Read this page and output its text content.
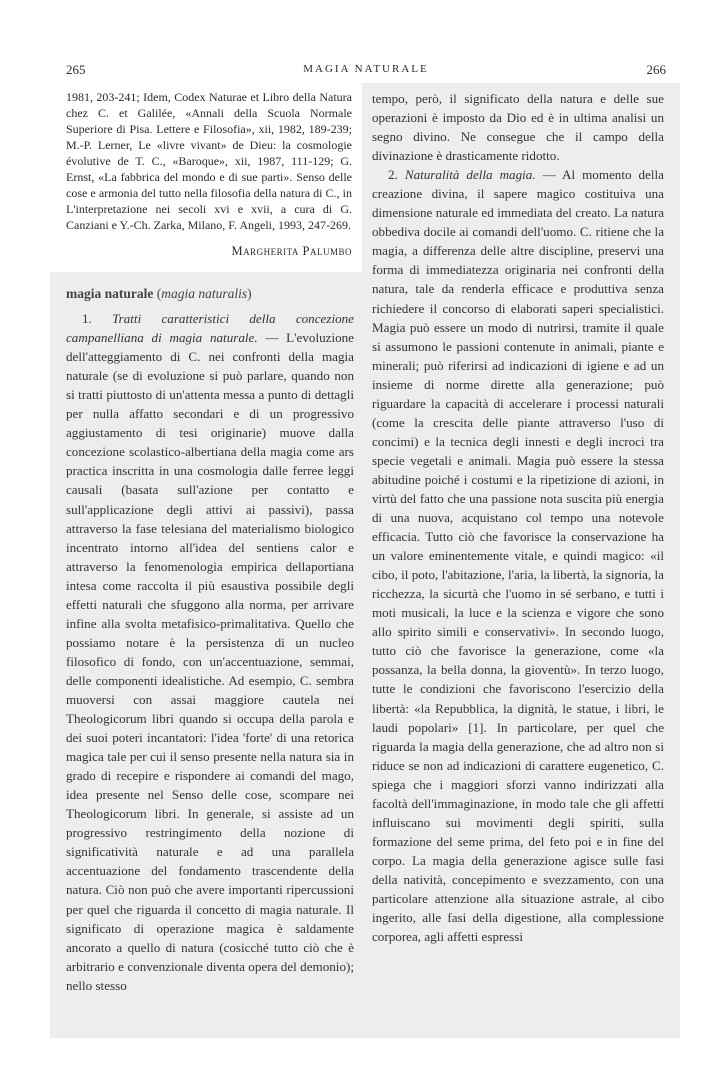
265	MAGIA NATURALE	266

1981, 203-241; Idem, Codex Naturae et Libro della Natura chez C. et Galilée, «Annali della Scuola Normale Superiore di Pisa. Lettere e Filosofia», xii, 1982, 189-239; M.-P. Lerner, Le «livre vivant» de Dieu: la cosmologie évolutive de T. C., «Baroque», xii, 1987, 111-129; G. Ernst, «La fabbrica del mondo e di sue parti». Senso delle cose e armonia del tutto nella filosofia della natura di C., in L'interpretazione nei secoli xvi e xvii, a cura di G. Canziani e Y.-Ch. Zarka, Milano, F. Angeli, 1993, 247-269.

Margherita Palumbo

magia naturale (magia naturalis)

1. Tratti caratteristici della concezione campanelliana di magia naturale. — L'evoluzione dell'atteggiamento di C. nei confronti della magia naturale (se di evoluzione si può parlare, quando non si tratti piuttosto di un'attenta messa a punto di dettagli per nulla affatto secondari e di un progressivo aggiustamento di tesi originarie) muove dalla concezione scolastico-albertiana della magia come ars practica inscritta in una cosmologia dalle ferree leggi causali (basata sull'azione per contatto e sull'applicazione degli attivi ai passivi), passa attraverso la fase telesiana del materialismo biologico incentrato intorno all'idea del sentiens calor e attraverso la fenomenologia empirica dellaportiana intesa come raccolta il più esaustiva possibile degli effetti naturali che sfuggono alla norma, per arrivare infine alla svolta metafisico-primalitativa. Quello che possiamo notare è la persistenza di un nucleo filosofico di fondo, con un'accentuazione, semmai, delle componenti idealistiche. Ad esempio, C. sembra muoversi con assai maggiore cautela nei Theologicorum libri quando si occupa della parola e dei suoi poteri incantatori: l'idea 'forte' di una retorica magica tale per cui il senso presente nella natura sia in grado di recepire e rispondere ai comandi del mago, idea presente nel Senso delle cose, scompare nei Theologicorum libri. In generale, si assiste ad un progressivo restringimento della nozione di significatività naturale e ad una parallela accentuazione del fondamento trascendente della natura. Ciò non può che avere importanti ripercussioni per quel che riguarda il concetto di magia naturale. Il significato di operazione magica è saldamente ancorato a quello di natura (cosicché tutto ciò che è arbitrario e convenzionale diventa opera del demonio); nello stesso

tempo, però, il significato della natura e delle sue operazioni è imposto da Dio ed è in ultima analisi un segno divino. Ne consegue che il campo della divinazione è drasticamente ridotto.

2. Naturalità della magia. — Al momento della creazione divina, il sapere magico costituiva una dimensione naturale ed immediata del creato. La natura obbediva docile ai comandi dell'uomo. C. ritiene che la magia, a differenza delle altre discipline, preservi una forma di immediatezza originaria nei confronti della natura, tale da renderla efficace e produttiva senza richiedere il concorso di elaborati saperi specialistici. Magia può essere un modo di nutrirsi, tramite il quale si assumono le passioni contenute in animali, piante e minerali; può riferirsi ad indicazioni di igiene e ad un insieme di norme dirette alla generazione; può riguardare la capacità di accelerare i processi naturali (come la crescita delle piante attraverso l'uso di concimi) e la tecnica degli innesti e degli incroci tra specie vegetali e animali. Magia può essere la stessa abitudine poiché i costumi e la ripetizione di azioni, in virtù del fatto che una passione nota suscita più energia di una nuova, acquistano col tempo una notevole efficacia. Tutto ciò che favorisce la conservazione ha un valore eminentemente vitale, e quindi magico: «il cibo, il poto, l'abitazione, l'aria, la libertà, la signoria, la ricchezza, la sicurtà che l'uomo in sé serbano, e tutti i moti musicali, la luce e la scienza e vigore che sono allo spirito simili e conservativi». In secondo luogo, tutto ciò che favorisce la generazione, come «la possanza, la bella donna, la gioventù». In terzo luogo, tutte le condizioni che favoriscono l'esercizio della libertà: «la Repubblica, la dignità, le statue, i libri, le laudi popolari» [1]. In particolare, per quel che riguarda la magia della generazione, che ad altro non si riduce se non ad indicazioni di carattere eugenetico, C. spiega che i maggiori sforzi vanno indirizzati alla facoltà dell'immaginazione, in modo tale che gli affetti influiscano sui movimenti degli spiriti, sulla formazione del seme prima, del feto poi e in fine del corpo. La magia della generazione agisce sulle fasi della natività, concepimento e svezzamento, con una particolare attenzione alla situazione astrale, al cibo ingerito, alle fasi della digestione, alla complessione corporea, agli affetti espressi
